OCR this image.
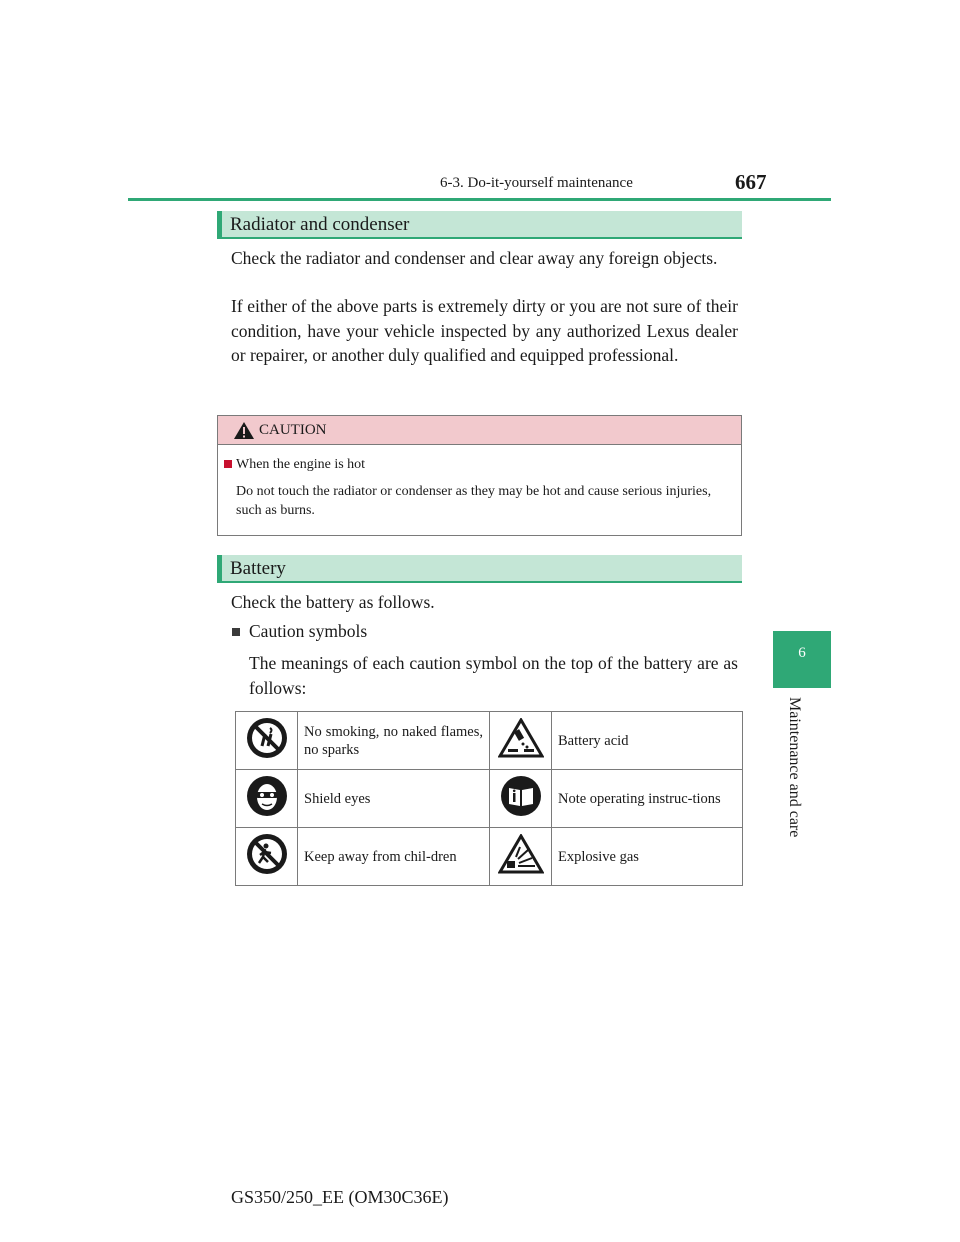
6-3. Do-it-yourself maintenance	667
6
Maintenance and care
Radiator and condenser
Check the radiator and condenser and clear away any foreign objects.
If either of the above parts is extremely dirty or you are not sure of their condition, have your vehicle inspected by any authorized Lexus dealer or repairer, or another duly qualified and equipped professional.
CAUTION
When the engine is hot
Do not touch the radiator or condenser as they may be hot and cause serious injuries, such as burns.
Battery
Check the battery as follows.
Caution symbols
The meanings of each caution symbol on the top of the battery are as follows:

No smoking, no naked flames, no sparks		Battery acid

Shield eyes		Note operating instruc-tions

Keep away from chil-dren		Explosive gas
GS350/250_EE (OM30C36E)
